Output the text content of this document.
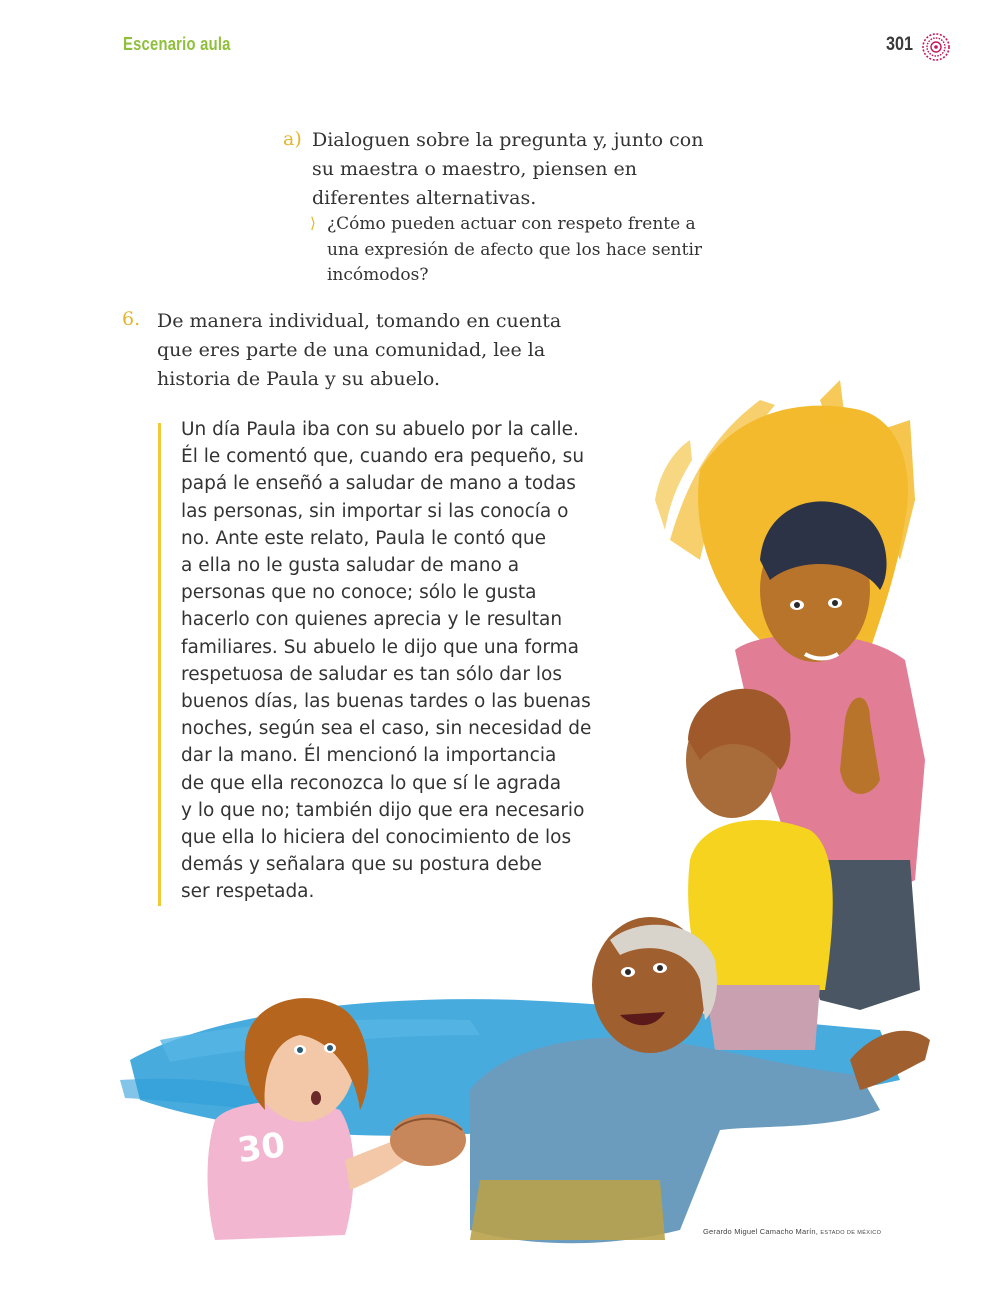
Escenario aula	301
a) Dialoguen sobre la pregunta y, junto con su maestra o maestro, piensen en diferentes alternativas.
⟩ ¿Cómo pueden actuar con respeto frente a una expresión de afecto que los hace sentir incómodos?
6. De manera individual, tomando en cuenta que eres parte de una comunidad, lee la historia de Paula y su abuelo.
30
Un día Paula iba con su abuelo por la calle.
Él le comentó que, cuando era pequeño, su
papá le enseñó a saludar de mano a todas
las personas, sin importar si las conocía o
no. Ante este relato, Paula le contó que
a ella no le gusta saludar de mano a
personas que no conoce; sólo le gusta
hacerlo con quienes aprecia y le resultan
familiares. Su abuelo le dijo que una forma
respetuosa de saludar es tan sólo dar los
buenos días, las buenas tardes o las buenas
noches, según sea el caso, sin necesidad de
dar la mano. Él mencionó la importancia
de que ella reconozca lo que sí le agrada
y lo que no; también dijo que era necesario
que ella lo hiciera del conocimiento de los
demás y señalara que su postura debe
ser respetada.
Gerardo Miguel Camacho Marín, ESTADO DE MÉXICO
